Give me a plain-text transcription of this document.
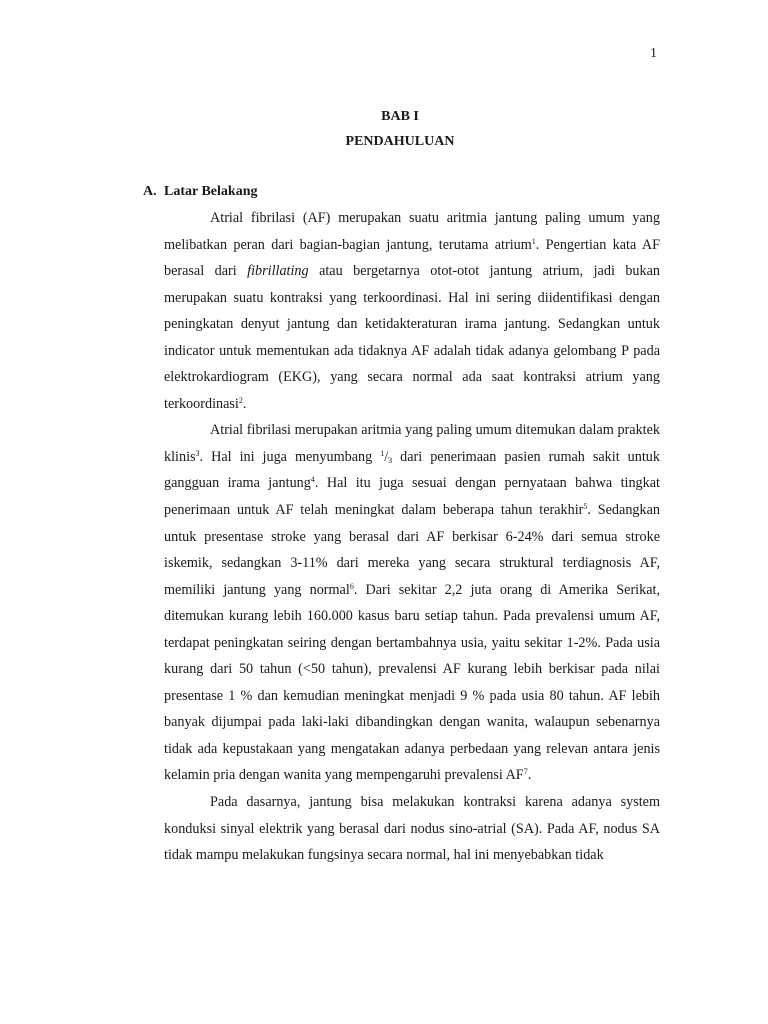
1
BAB I
PENDAHULUAN
A. Latar Belakang

Atrial fibrilasi (AF) merupakan suatu aritmia jantung paling umum yang melibatkan peran dari bagian-bagian jantung, terutama atrium$^1$. Pengertian kata AF berasal dari fibrillating atau bergetarnya otot-otot jantung atrium, jadi bukan merupakan suatu kontraksi yang terkoordinasi. Hal ini sering diidentifikasi dengan peningkatan denyut jantung dan ketidakteraturan irama jantung. Sedangkan untuk indicator untuk mementukan ada tidaknya AF adalah tidak adanya gelombang P pada elektrokardiogram (EKG), yang secara normal ada saat kontraksi atrium yang terkoordinasi$^2$.

Atrial fibrilasi merupakan aritmia yang paling umum ditemukan dalam praktek klinis$^3$. Hal ini juga menyumbang $^1/_3$ dari penerimaan pasien rumah sakit untuk gangguan irama jantung$^4$. Hal itu juga sesuai dengan pernyataan bahwa tingkat penerimaan untuk AF telah meningkat dalam beberapa tahun terakhir$^5$. Sedangkan untuk presentase stroke yang berasal dari AF berkisar 6-24% dari semua stroke iskemik, sedangkan 3-11% dari mereka yang secara struktural terdiagnosis AF, memiliki jantung yang normal$^6$. Dari sekitar 2,2 juta orang di Amerika Serikat, ditemukan kurang lebih 160.000 kasus baru setiap tahun. Pada prevalensi umum AF, terdapat peningkatan seiring dengan bertambahnya usia, yaitu sekitar 1-2%. Pada usia kurang dari 50 tahun (<50 tahun), prevalensi AF kurang lebih berkisar pada nilai presentase 1 % dan kemudian meningkat menjadi 9 % pada usia 80 tahun. AF lebih banyak dijumpai pada laki-laki dibandingkan dengan wanita, walaupun sebenarnya tidak ada kepustakaan yang mengatakan adanya perbedaan yang relevan antara jenis kelamin pria dengan wanita yang mempengaruhi prevalensi $AF^7$.

Pada dasarnya, jantung bisa melakukan kontraksi karena adanya system konduksi sinyal elektrik yang berasal dari nodus sino-atrial (SA). Pada AF, nodus SA tidak mampu melakukan fungsinya secara normal, hal ini menyebabkan tidak
